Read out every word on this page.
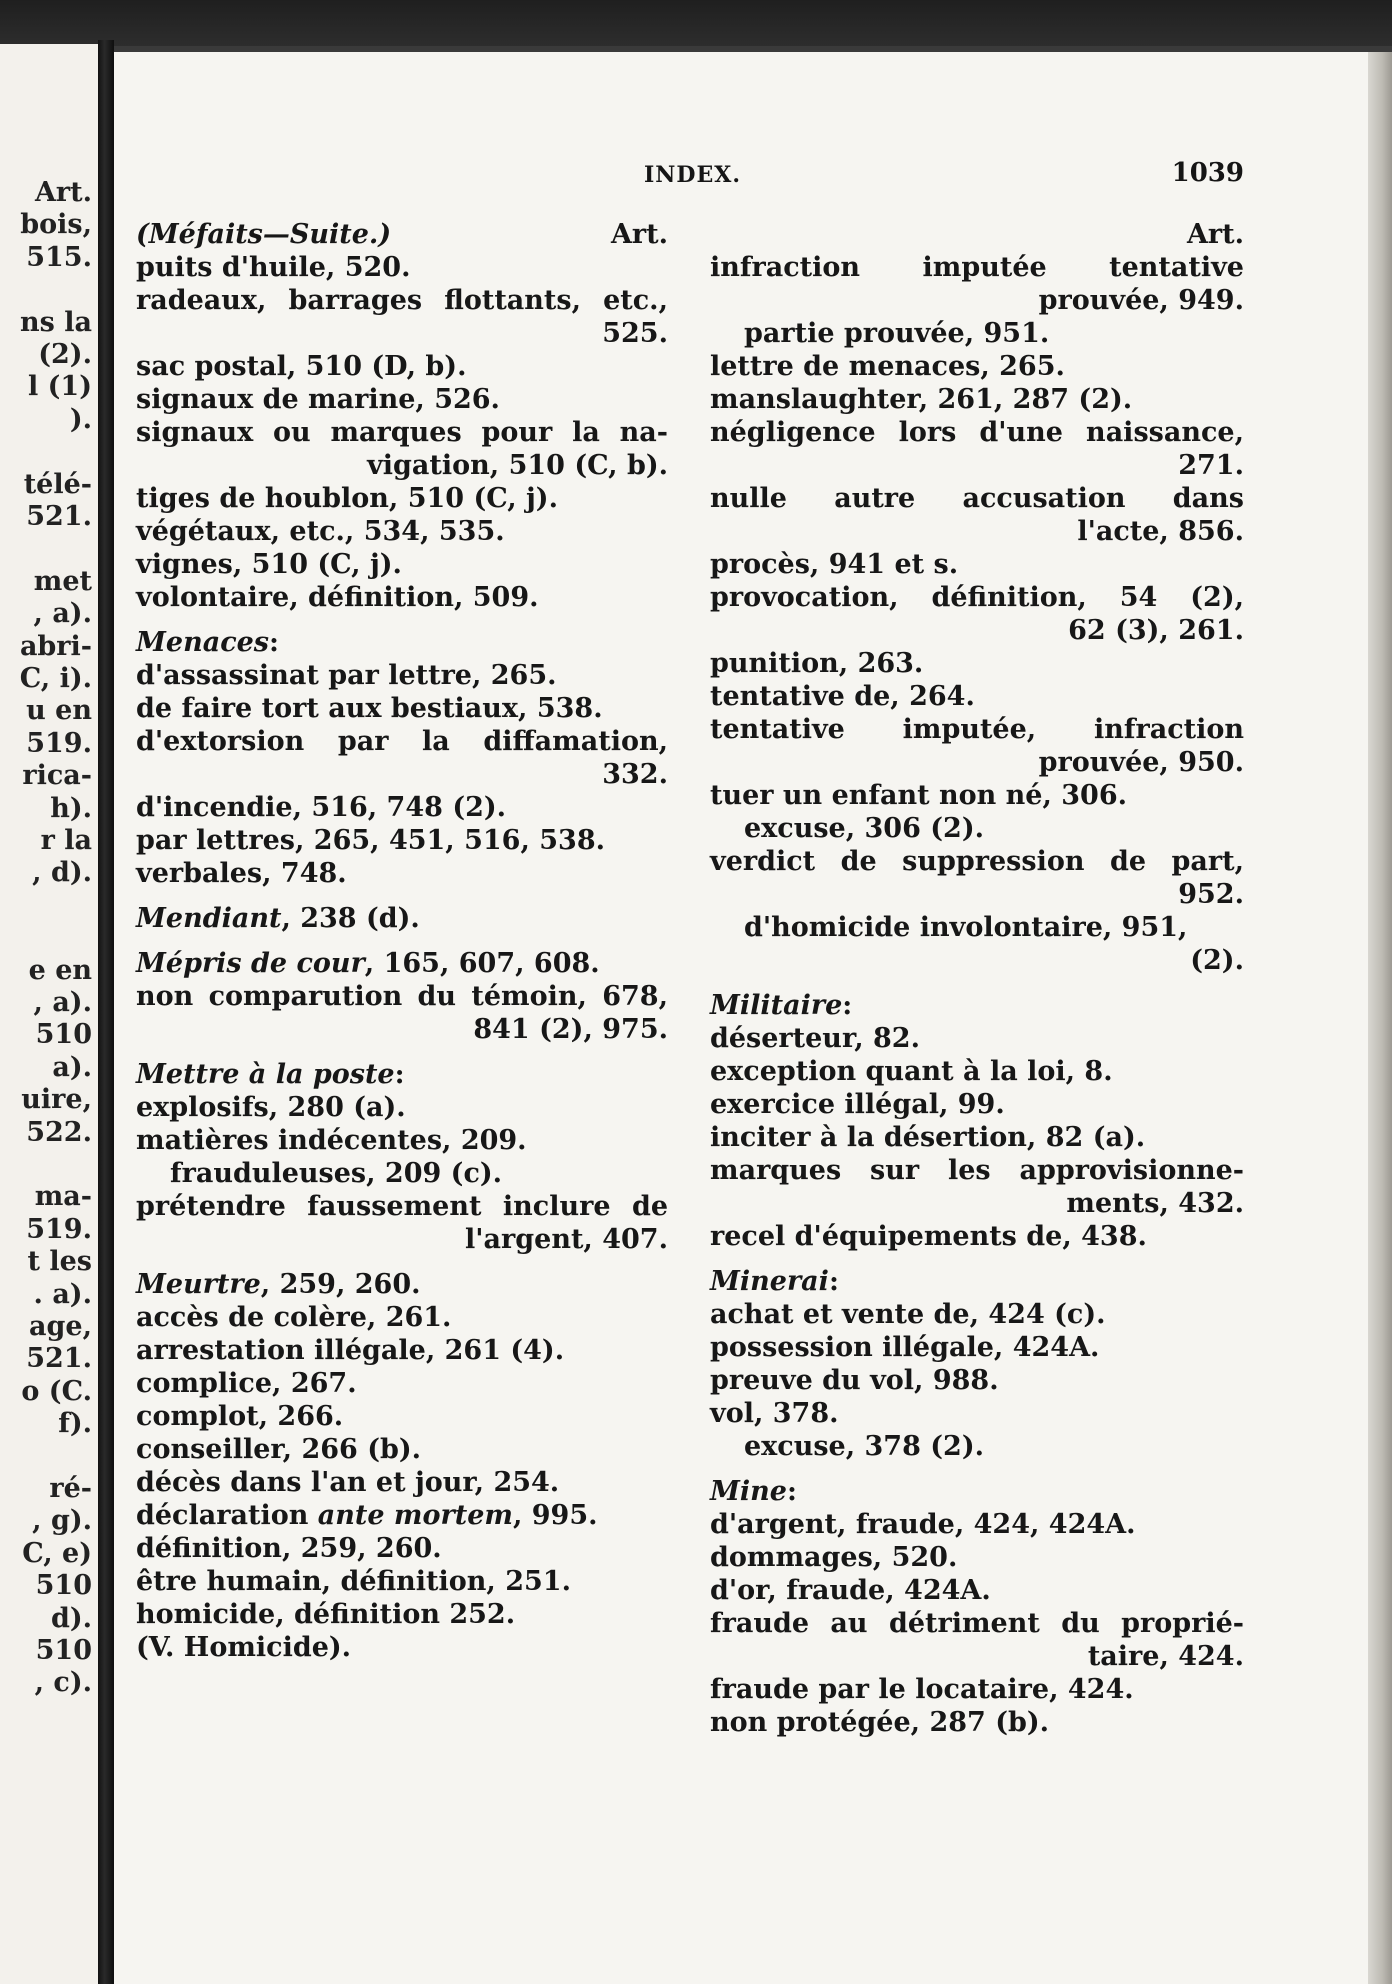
Art.
bois,
515.
ns la
(2).
l (1)
).
télé-
521.
met
, a).
abri-
C, i).
u en
519.
rica-
h).
r la
, d).
e en
, a).
510
a).
uire,
522.
ma-
519.
t les
. a).
age,
521.
o (C.
f).
ré-
, g).
C, e)
510
d).
510
, c).
INDEX.	1039
(Méfaits—Suite.)	Art.
puits d'huile, 520.
radeaux, barrages flottants, etc.,
525.
sac postal, 510 (D, b).
signaux de marine, 526.
signaux ou marques pour la na-
vigation, 510 (C, b).
tiges de houblon, 510 (C, j).
végétaux, etc., 534, 535.
vignes, 510 (C, j).
volontaire, définition, 509.
Menaces:
d'assassinat par lettre, 265.
de faire tort aux bestiaux, 538.
d'extorsion par la diffamation,
332.
d'incendie, 516, 748 (2).
par lettres, 265, 451, 516, 538.
verbales, 748.
Mendiant, 238 (d).
Mépris de cour, 165, 607, 608.
non comparution du témoin, 678,
841 (2), 975.
Mettre à la poste:
explosifs, 280 (a).
matières indécentes, 209.
frauduleuses, 209 (c).
prétendre faussement inclure de
l'argent, 407.
Meurtre, 259, 260.
accès de colère, 261.
arrestation illégale, 261 (4).
complice, 267.
complot, 266.
conseiller, 266 (b).
décès dans l'an et jour, 254.
déclaration ante mortem, 995.
définition, 259, 260.
être humain, définition, 251.
homicide, définition 252.
(V. Homicide).
Art.
infraction imputée tentative
prouvée, 949.
partie prouvée, 951.
lettre de menaces, 265.
manslaughter, 261, 287 (2).
négligence lors d'une naissance,
271.
nulle autre accusation dans
l'acte, 856.
procès, 941 et s.
provocation, définition, 54 (2),
62 (3), 261.
punition, 263.
tentative de, 264.
tentative imputée, infraction
prouvée, 950.
tuer un enfant non né, 306.
excuse, 306 (2).
verdict de suppression de part,
952.
d'homicide involontaire, 951,
(2).
Militaire:
déserteur, 82.
exception quant à la loi, 8.
exercice illégal, 99.
inciter à la désertion, 82 (a).
marques sur les approvisionne-
ments, 432.
recel d'équipements de, 438.
Minerai:
achat et vente de, 424 (c).
possession illégale, 424A.
preuve du vol, 988.
vol, 378.
excuse, 378 (2).
Mine:
d'argent, fraude, 424, 424A.
dommages, 520.
d'or, fraude, 424A.
fraude au détriment du proprié-
taire, 424.
fraude par le locataire, 424.
non protégée, 287 (b).
